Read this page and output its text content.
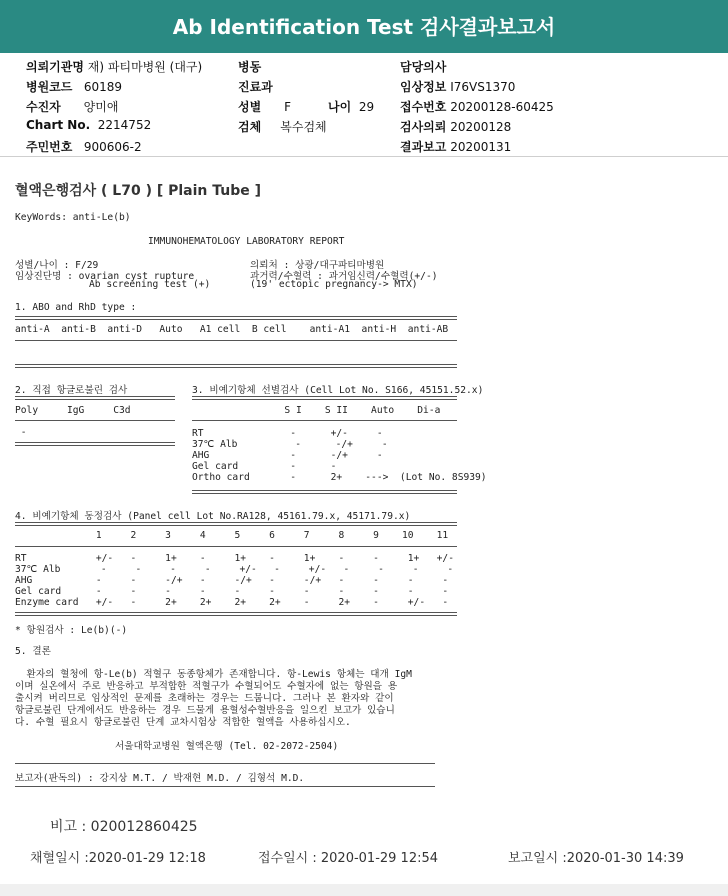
Ab Identification Test 검사결과보고서
의뢰기관명 재) 파티마병원 (대구)
병원코드 60189
수진자 양미애
Chart No. 2214752
주민번호 900606-2
병동
진료과
성별 F	나이 29
검체 복수검체
담당의사
임상정보 I76VS1370
접수번호 20200128-60425
검사의뢰 20200128
결과보고 20200131
혈액은행검사 ( L70 ) [ Plain Tube ]
KeyWords: anti-Le(b)
IMMUNOHEMATOLOGY LABORATORY REPORT
성별/나이 : F/29	의뢰처 : 상광/대구파티마병원
임상진단명 : ovarian cyst rupture	과거력/수혈력 : 과거임신력/수혈력(+/-)
Ab screening test (+)	(19' ectopic pregnancy-> MTX)
1. ABO and RhD type :
anti-A  anti-B  anti-D   Auto   A1 cell  B cell    anti-A1  anti-H  anti-AB
2. 직접 항글로불린 검사
Poly     IgG     C3d
-
3. 비예기항체 선별검사 (Cell Lot No. S166, 45151.52.x)
S I    S II    Auto    Di-a
RT               -      +/-     -
37℃ Alb          -      -/+     -
AHG              -      -/+     -
Gel card         -      -
Ortho card       -      2+    --->  (Lot No. 8S939)
4. 비예기항체 동정검사 (Panel cell Lot No.RA128, 45161.79.x, 45171.79.x)
1     2     3     4     5     6     7     8     9    10    11
RT            +/-   -     1+    -     1+    -     1+    -     -     1+   +/-
37℃ Alb       -     -     -     -     +/-   -     +/-   -     -     -     -
AHG           -     -     -/+   -     -/+   -     -/+   -     -     -     -
Gel card      -     -     -     -     -     -     -     -     -     -     -
Enzyme card   +/-   -     2+    2+    2+    2+    -     2+    -     +/-   -
* 항원검사 : Le(b)(-)
5. 결론
환자의 혈청에 항-Le(b) 적혈구 동종항체가 존재합니다. 항-Lewis 항체는 대개 IgM
이며 실온에서 주로 반응하고 부적합한 적혈구가 수혈되어도 수혈자에 없는 항원을 용
출시켜 버리므로 임상적인 문제를 초래하는 경우는 드뭅니다. 그러나 본 환자와 같이
항글로불린 단계에서도 반응하는 경우 드물게 용혈성수혈반응을 일으킨 보고가 있습니
다. 수혈 필요시 항글로불린 단계 교차시험상 적합한 혈액을 사용하십시오.
서울대학교병원 혈액은행 (Tel. 02-2072-2504)
보고자(판독의) : 강지상 M.T. / 박재현 M.D. / 김형석 M.D.
비고 : 020012860425
채혈일시 :2020-01-29 12:18	접수일시 : 2020-01-29 12:54	보고일시 :2020-01-30 14:39
